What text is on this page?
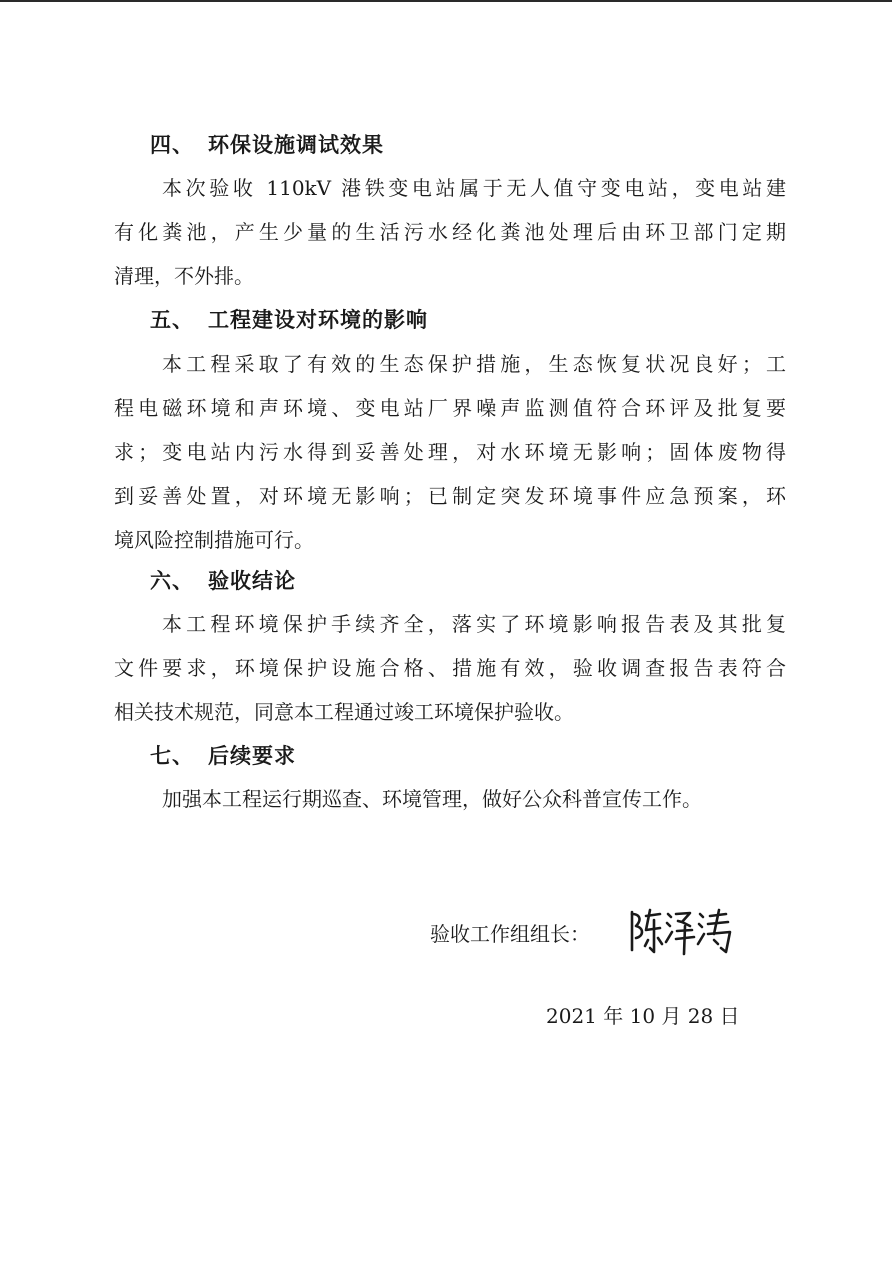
四、 环保设施调试效果
本次验收 110kV 港铁变电站属于无人值守变电站，变电站建
有化粪池，产生少量的生活污水经化粪池处理后由环卫部门定期
清理，不外排。
五、 工程建设对环境的影响
本工程采取了有效的生态保护措施，生态恢复状况良好；工
程电磁环境和声环境、变电站厂界噪声监测值符合环评及批复要
求；变电站内污水得到妥善处理，对水环境无影响；固体废物得
到妥善处置，对环境无影响；已制定突发环境事件应急预案，环
境风险控制措施可行。
六、 验收结论
本工程环境保护手续齐全，落实了环境影响报告表及其批复
文件要求，环境保护设施合格、措施有效，验收调查报告表符合
相关技术规范，同意本工程通过竣工环境保护验收。
七、 后续要求
加强本工程运行期巡查、环境管理，做好公众科普宣传工作。
验收工作组组长：
2021 年 10 月 28 日
